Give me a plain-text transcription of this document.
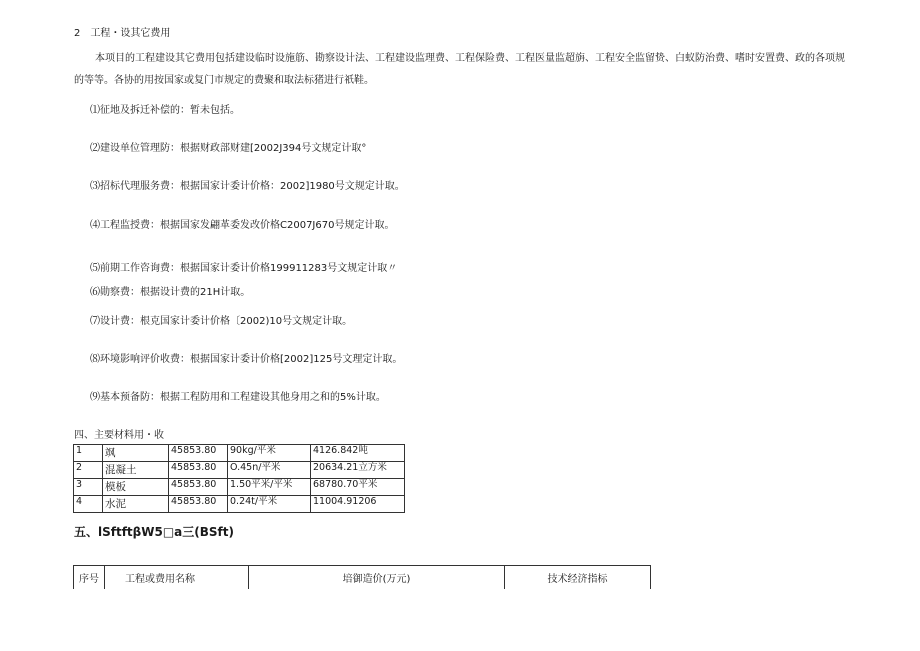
2　工程・设其它费用
本项目的工程建设其它费用包括建设临时设施筋、勘察设计法、工程建设监理费、工程保险费、工程医量监超旃、工程安全监留贽、白蚁防治费、嗜时安置费、政的各项规
的等等。各协的用按国家或复门市规定的费聚和取法标猪进行祇鞋。
⑴征地及拆迁补偿的：暂未包括。
⑵建设单位管理防：根据财政部财建[2002J394号文规定计取°
⑶招标代理服务费：根据国家计委计价格：2002]1980号文规定计取。
⑷工程监授费：根据国家发翩革委发改价格C2007J670号规定计取。
⑸前期工作咨询费：根据国家计委计价格199911283号文规定计取〃
⑹勋察费：根据设计费的21H计取。
⑺设计费：根克国家计委计价格〔2002)10号文规定计取。
⑻环境影响评价收费：根据国家计委计价格[2002]125号文理定计取。
⑼基本预备防：根据工程防用和工程建设其他身用之和的5%计取。
四、主要材料用・收
1	飒	45853.80	90kg/平米	4126.842吨
2	混凝土	45853.80	O.45n∕平米	20634.21立方米
3	模板	45853.80	1.50平米/平米	68780.70平米
4	水泥	45853.80	0.24t∕平米	11004.91206
五、lSftftβW5□a三(BSft)
序号	工程或费用名称	培御造价(万元)	技术经济指标
